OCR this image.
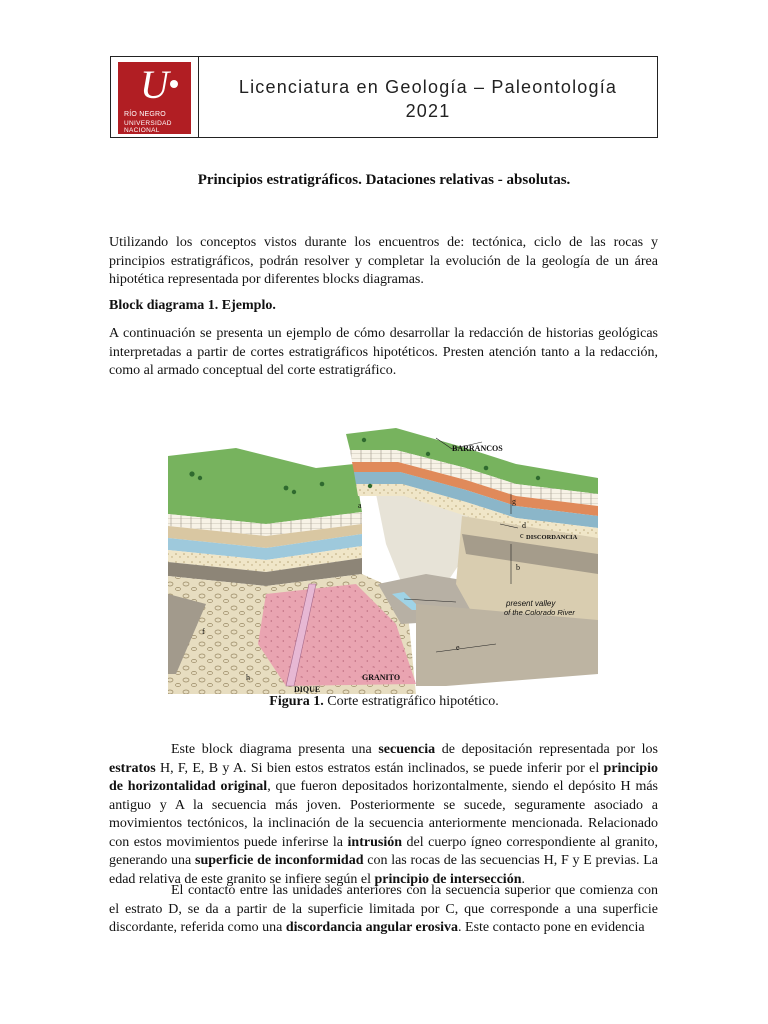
U
RÍO NEGRO
UNIVERSIDAD
NACIONAL
Licenciatura en Geología – Paleontología
2021
Principios estratigráficos. Dataciones relativas - absolutas.
Utilizando los conceptos vistos durante los encuentros de: tectónica, ciclo de las rocas y principios estratigráficos, podrán resolver y completar la evolución de la geología de un área hipotética representada por diferentes blocks diagramas.
Block diagrama 1. Ejemplo.
A continuación se presenta un ejemplo de cómo desarrollar la redacción de historias geológicas interpretadas a partir de cortes estratigráficos hipotéticos. Presten atención tanto a la redacción, como al armado conceptual del corte estratigráfico.
BARRANCOS
DISCORDANCIA
present valley
of the Colorado River
GRANITO
DIQUE
a
b
c
d
e
f
g
h
Figura 1. Corte estratigráfico hipotético.
Este block diagrama presenta una secuencia de depositación representada por los estratos H, F, E, B y A. Si bien estos estratos están inclinados, se puede inferir por el principio de horizontalidad original, que fueron depositados horizontalmente, siendo el depósito H más antiguo y A la secuencia más joven. Posteriormente se sucede, seguramente asociado a movimientos tectónicos, la inclinación de la secuencia anteriormente mencionada. Relacionado con estos movimientos puede inferirse la intrusión del cuerpo ígneo correspondiente al granito, generando una superficie de inconformidad con las rocas de las secuencias H, F y E previas. La edad relativa de este granito se infiere según el principio de intersección.
El contacto entre las unidades anteriores con la secuencia superior que comienza con el estrato D, se da a partir de la superficie limitada por C, que corresponde a una superficie discordante, referida como una discordancia angular erosiva. Este contacto pone en evidencia
